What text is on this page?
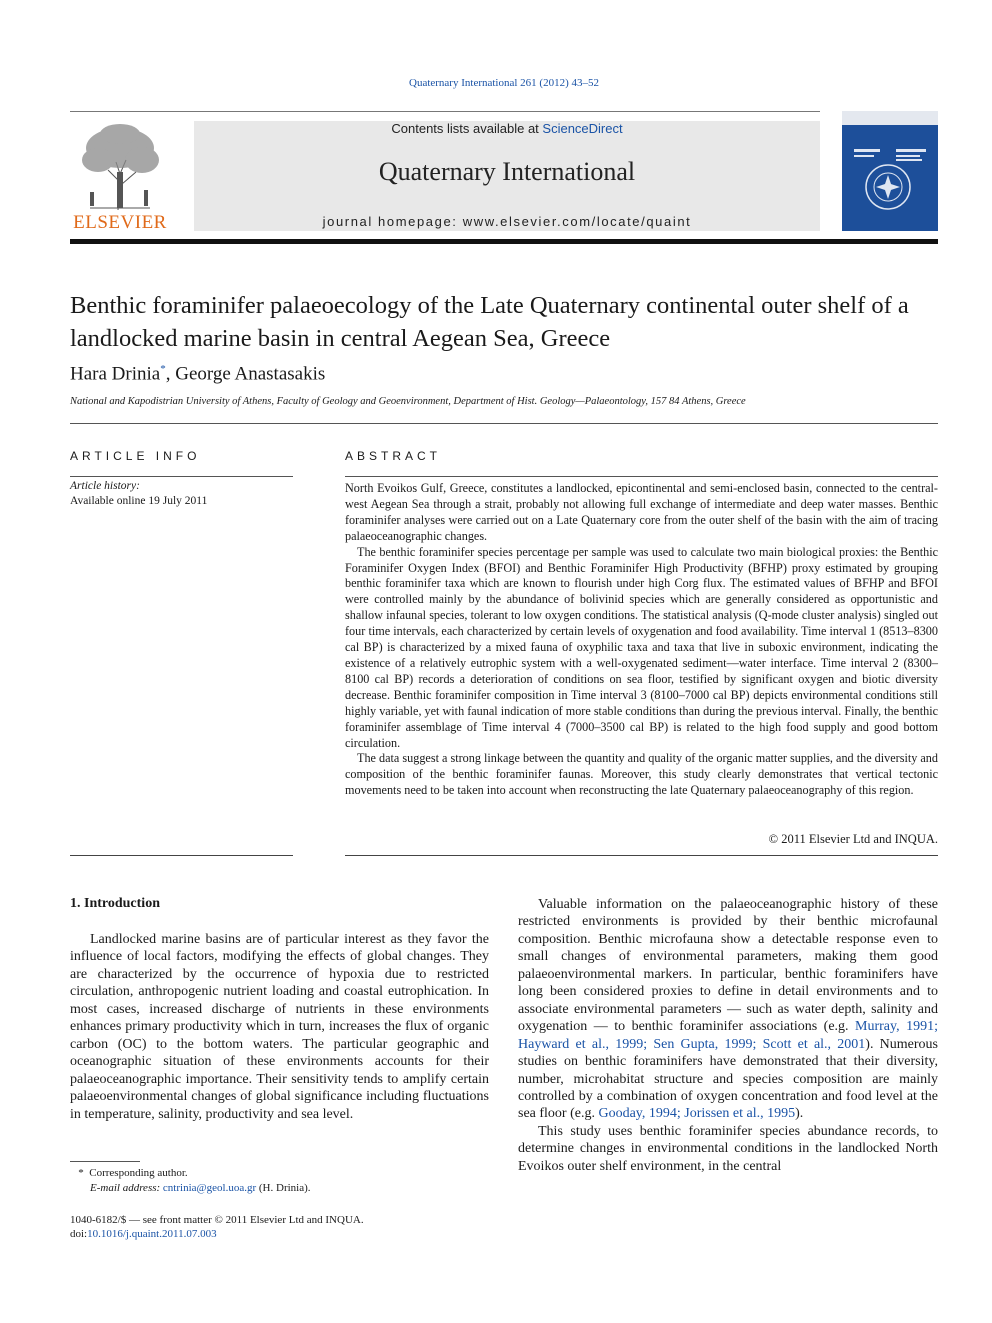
Quaternary International 261 (2012) 43–52
ELSEVIER
Contents lists available at ScienceDirect
Quaternary International
journal homepage: www.elsevier.com/locate/quaint
Benthic foraminifer palaeoecology of the Late Quaternary continental outer shelf of a landlocked marine basin in central Aegean Sea, Greece
Hara Drinia*, George Anastasakis
National and Kapodistrian University of Athens, Faculty of Geology and Geoenvironment, Department of Hist. Geology—Palaeontology, 157 84 Athens, Greece
ARTICLE INFO	ABSTRACT
Article history:
Available online 19 July 2011

North Evoikos Gulf, Greece, constitutes a landlocked, epicontinental and semi-enclosed basin, connected to the central-west Aegean Sea through a strait, probably not allowing full exchange of intermediate and deep water masses. Benthic foraminifer analyses were carried out on a Late Quaternary core from the outer shelf of the basin with the aim of tracing palaeoceanographic changes.

The benthic foraminifer species percentage per sample was used to calculate two main biological proxies: the Benthic Foraminifer Oxygen Index (BFOI) and Benthic Foraminifer High Productivity (BFHP) proxy estimated by grouping benthic foraminifer taxa which are known to flourish under high Corg flux. The estimated values of BFHP and BFOI were controlled mainly by the abundance of bolivinid species which are generally considered as opportunistic and shallow infaunal species, tolerant to low oxygen conditions. The statistical analysis (Q-mode cluster analysis) singled out four time intervals, each characterized by certain levels of oxygenation and food availability. Time interval 1 (8513–8300 cal BP) is characterized by a mixed fauna of oxyphilic taxa and taxa that live in suboxic environment, indicating the existence of a relatively eutrophic system with a well-oxygenated sediment—water interface. Time interval 2 (8300–8100 cal BP) records a deterioration of conditions on sea floor, testified by significant oxygen and biotic diversity decrease. Benthic foraminifer composition in Time interval 3 (8100–7000 cal BP) depicts environmental conditions still highly variable, yet with faunal indication of more stable conditions than during the previous interval. Finally, the benthic foraminifer assemblage of Time interval 4 (7000–3500 cal BP) is related to the high food supply and good bottom circulation.

The data suggest a strong linkage between the quantity and quality of the organic matter supplies, and the diversity and composition of the benthic foraminifer faunas. Moreover, this study clearly demonstrates that vertical tectonic movements need to be taken into account when reconstructing the late Quaternary palaeoceanography of this region.

© 2011 Elsevier Ltd and INQUA.
1. Introduction

Landlocked marine basins are of particular interest as they favor the influence of local factors, modifying the effects of global changes. They are characterized by the occurrence of hypoxia due to restricted circulation, anthropogenic nutrient loading and coastal eutrophication. In most cases, increased discharge of nutrients in these environments enhances primary productivity which in turn, increases the flux of organic carbon (OC) to the bottom waters. The particular geographic and oceanographic situation of these environments accounts for their palaeoceanographic importance. Their sensitivity tends to amplify certain palaeoenvironmental changes of global significance including fluctuations in temperature, salinity, productivity and sea level.

Valuable information on the palaeoceanographic history of these restricted environments is provided by their benthic microfaunal composition. Benthic microfauna show a detectable response even to small changes of environmental parameters, making them good palaeoenvironmental markers. In particular, benthic foraminifers have long been considered proxies to define in detail environments and to associate environmental parameters — such as water depth, salinity and oxygenation — to benthic foraminifer associations (e.g. Murray, 1991; Hayward et al., 1999; Sen Gupta, 1999; Scott et al., 2001). Numerous studies on benthic foraminifers have demonstrated that their diversity, number, microhabitat structure and species composition are mainly controlled by a combination of oxygen concentration and food level at the sea floor (e.g. Gooday, 1994; Jorissen et al., 1995).

This study uses benthic foraminifer species abundance records, to determine changes in environmental conditions in the landlocked North Evoikos outer shelf environment, in the central

* Corresponding author.
E-mail address: cntrinia@geol.uoa.gr (H. Drinia).
1040-6182/$ — see front matter © 2011 Elsevier Ltd and INQUA.
doi:10.1016/j.quaint.2011.07.003
